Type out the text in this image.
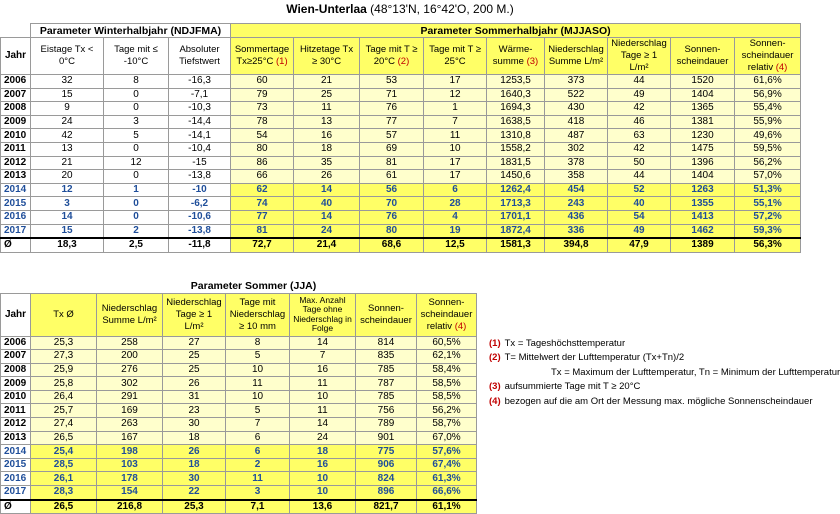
Wien-Unterlaa (48°13'N, 16°42'O, 200 M.)
	Parameter Winterhalbjahr (NDJFMA)			Parameter Sommerhalbjahr (MJJASO)								
Jahr	Eistage Tx < 0°C	Tage mit ≤ -10°C	Absoluter Tiefstwert	Sommertage Tx≥25°C (1)	Hitzetage Tx ≥ 30°C	Tage mit T ≥ 20°C (2)	Tage mit T ≥ 25°C	Wärme-summe (3)	Niederschlag Summe L/m²	Niederschlag Tage ≥ 1 L/m²	Sonnen-scheindauer	Sonnen-scheindauer relativ (4)
2006	32	8	-16,3	60	21	53	17	1253,5	373	44	1520	61,6%
2007	15	0	-7,1	79	25	71	12	1640,3	522	49	1404	56,9%
2008	9	0	-10,3	73	11	76	1	1694,3	430	42	1365	55,4%
2009	24	3	-14,4	78	13	77	7	1638,5	418	46	1381	55,9%
2010	42	5	-14,1	54	16	57	11	1310,8	487	63	1230	49,6%
2011	13	0	-10,4	80	18	69	10	1558,2	302	42	1475	59,5%
2012	21	12	-15	86	35	81	17	1831,5	378	50	1396	56,2%
2013	20	0	-13,8	66	26	61	17	1450,6	358	44	1404	57,0%
2014	12	1	-10	62	14	56	6	1262,4	454	52	1263	51,3%
2015	3	0	-6,2	74	40	70	28	1713,3	243	40	1355	55,1%
2016	14	0	-10,6	77	14	76	4	1701,1	436	54	1413	57,2%
2017	15	2	-13,8	81	24	80	19	1872,4	336	49	1462	59,3%
Ø	18,3	2,5	-11,8	72,7	21,4	68,6	12,5	1581,3	394,8	47,9	1389	56,3%
	Parameter Sommer (JJA)						
Jahr	Tx Ø	Niederschlag Summe L/m²	Niederschlag Tage ≥ 1 L/m²	Tage mit Niederschlag ≥ 10 mm	Max. Anzahl Tage ohne Niederschlag in Folge	Sonnen-scheindauer	Sonnen-scheindauer relativ (4)
2006	25,3	258	27	8	14	814	60,5%
2007	27,3	200	25	5	7	835	62,1%
2008	25,9	276	25	10	16	785	58,4%
2009	25,8	302	26	11	11	787	58,5%
2010	26,4	291	31	10	10	785	58,5%
2011	25,7	169	23	5	11	756	56,2%
2012	27,4	263	30	7	14	789	58,7%
2013	26,5	167	18	6	24	901	67,0%
2014	25,4	198	26	6	18	775	57,6%
2015	28,5	103	18	2	16	906	67,4%
2016	26,1	178	30	11	10	824	61,3%
2017	28,3	154	22	3	10	896	66,6%
Ø	26,5	216,8	25,3	7,1	13,6	821,7	61,1%
(1) Tx = Tageshöchsttemperatur
(2) T= Mittelwert der Lufttemperatur (Tx+Tn)/2
Tx = Maximum der Lufttemperatur, Tn = Minimum der Lufttemperatur
(3) aufsummierte Tage mit T ≥ 20°C
(4) bezogen auf die am Ort der Messung max. mögliche Sonnenscheindauer
